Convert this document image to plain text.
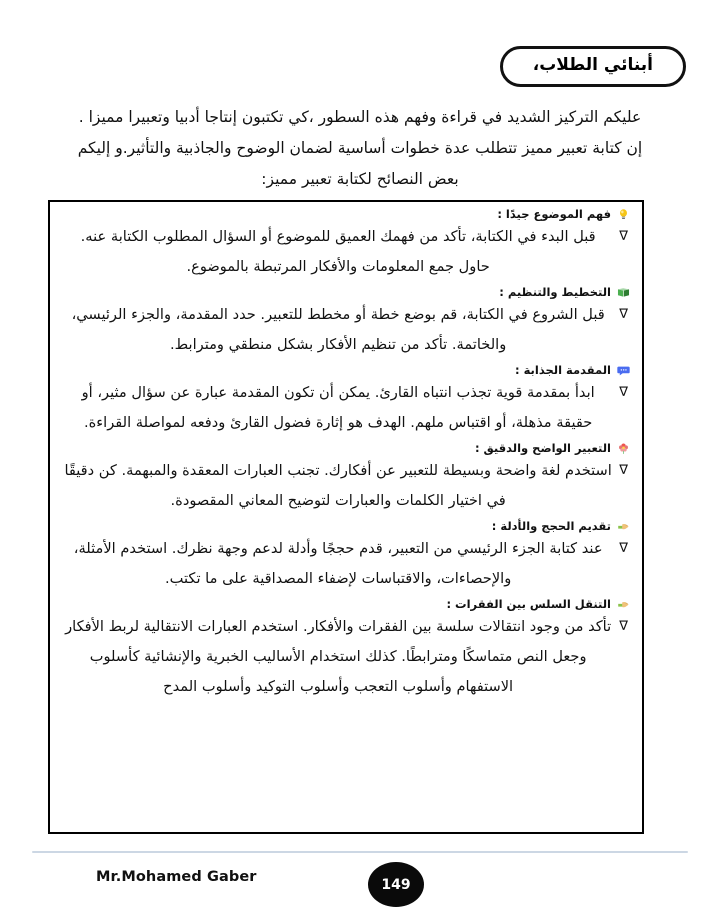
أبنائي الطلاب،

عليكم التركيز الشديد في قراءة وفهم هذه السطور ،كي تكتبون إنتاجا أدبيا وتعبيرا مميزا .

إن كتابة تعبير مميز تتطلب عدة خطوات أساسية لضمان الوضوح والجاذبية والتأثير.و إليكم

بعض النصائح لكتابة تعبير مميز:

فهم الموضوع جيدًا :
∇
قبل البدء في الكتابة، تأكد من فهمك العميق للموضوع أو السؤال المطلوب الكتابة عنه. حاول جمع المعلومات والأفكار المرتبطة بالموضوع.
التخطيط والتنظيم :
∇
قبل الشروع في الكتابة، قم بوضع خطة أو مخطط للتعبير. حدد المقدمة، والجزء الرئيسي، والخاتمة. تأكد من تنظيم الأفكار بشكل منطقي ومترابط.
المقدمة الجذابة :
∇
ابدأ بمقدمة قوية تجذب انتباه القارئ. يمكن أن تكون المقدمة عبارة عن سؤال مثير، أو حقيقة مذهلة، أو اقتباس ملهم. الهدف هو إثارة فضول القارئ ودفعه لمواصلة القراءة.
التعبير الواضح والدقيق :
∇
استخدم لغة واضحة وبسيطة للتعبير عن أفكارك. تجنب العبارات المعقدة والمبهمة. كن دقيقًا في اختيار الكلمات والعبارات لتوضيح المعاني المقصودة.
تقديم الحجج والأدلة :
∇
عند كتابة الجزء الرئيسي من التعبير، قدم حججًا وأدلة لدعم وجهة نظرك. استخدم الأمثلة، والإحصاءات، والاقتباسات لإضفاء المصداقية على ما تكتب.
التنقل السلس بين الفقرات :
∇
تأكد من وجود انتقالات سلسة بين الفقرات والأفكار. استخدم العبارات الانتقالية لربط الأفكار وجعل النص متماسكًا ومترابطًا. كذلك استخدام الأساليب الخبرية والإنشائية كأسلوب الاستفهام وأسلوب التعجب وأسلوب التوكيد وأسلوب المدح
Mr.Mohamed Gaber	149
